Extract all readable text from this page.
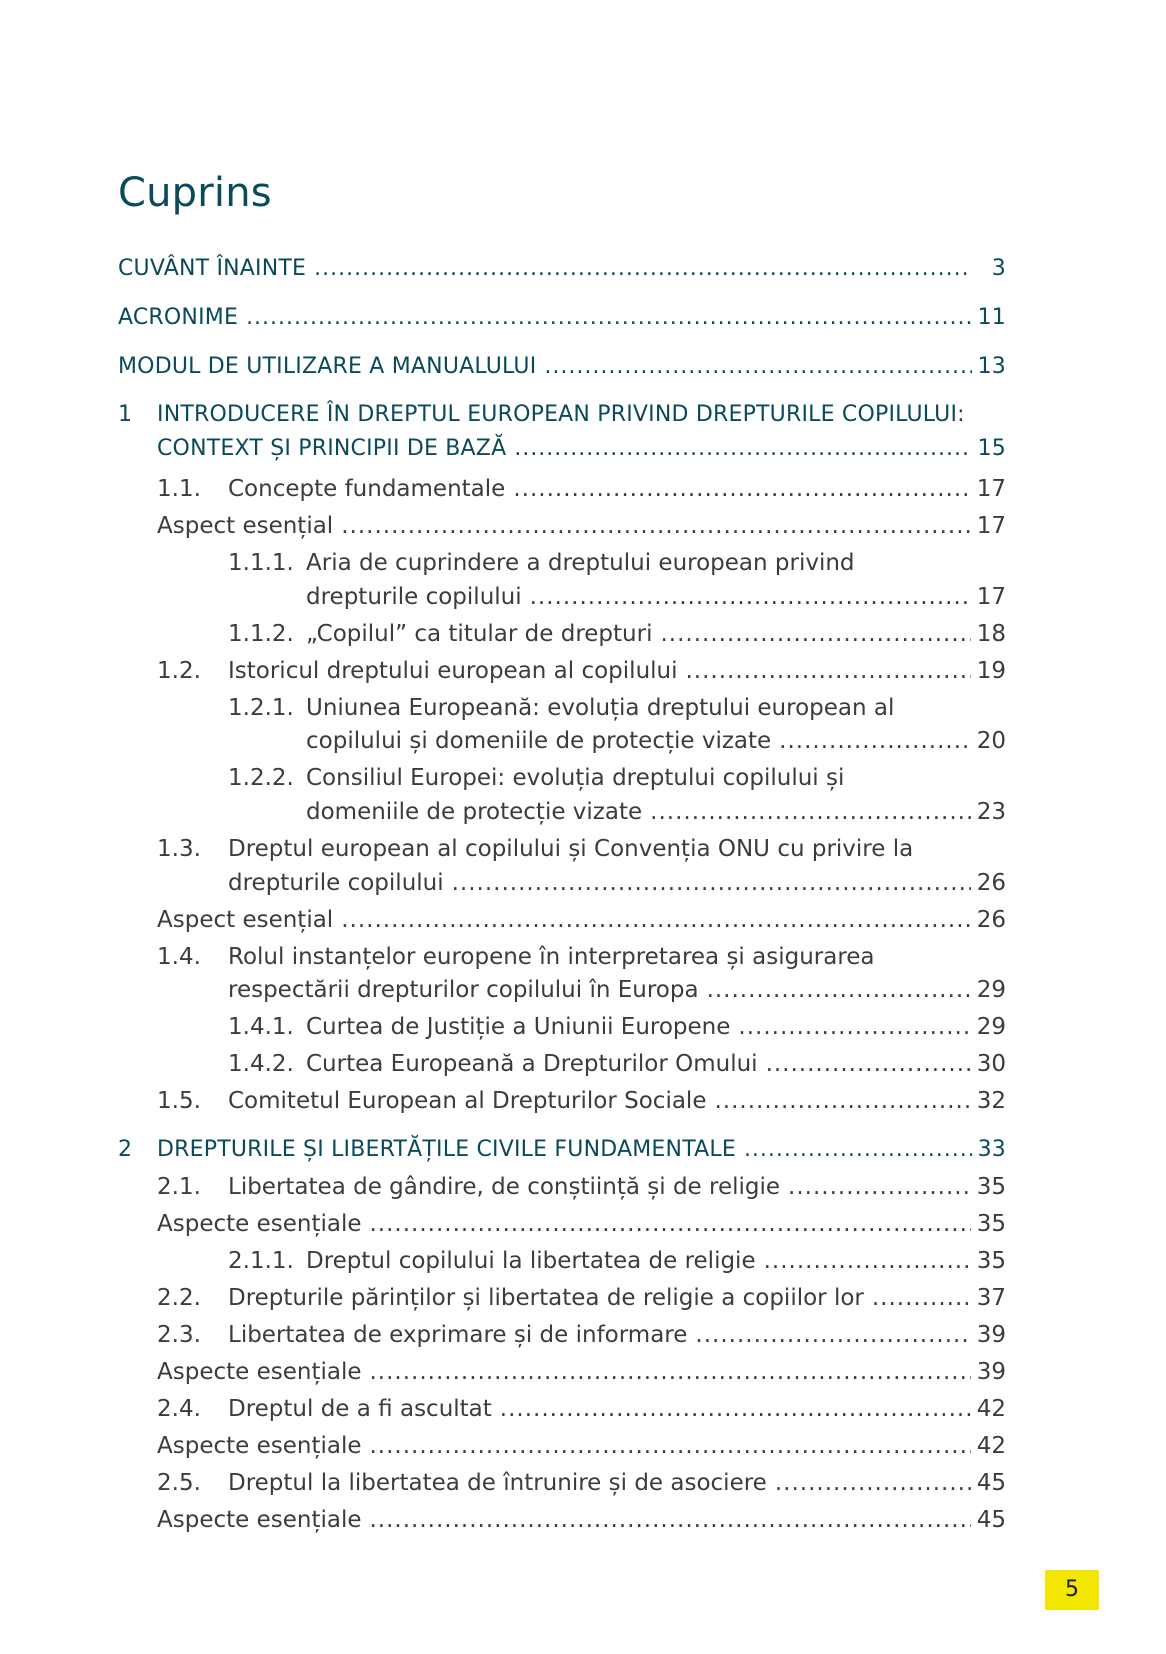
Cuprins
CUVÂNT ÎNAINTE .....	3
ACRONIME .....	11
MODUL DE UTILIZARE A MANUALULUI .....	13
1 INTRODUCERE ÎN DREPTUL EUROPEAN PRIVIND DREPTURILE COPILULUI:
CONTEXT ȘI PRINCIPII DE BAZĂ .....	15
1.1. Concepte fundamentale .....	17
Aspect esențial .....	17
1.1.1. Aria de cuprindere a dreptului european privind
drepturile copilului .....	17
1.1.2. „Copilul” ca titular de drepturi .....	18
1.2. Istoricul dreptului european al copilului .....	19
1.2.1. Uniunea Europeană: evoluția dreptului european al
copilului și domeniile de protecție vizate .....	20
1.2.2. Consiliul Europei: evoluția dreptului copilului și
domeniile de protecție vizate .....	23
1.3. Dreptul european al copilului și Convenția ONU cu privire la
drepturile copilului .....	26
Aspect esențial .....	26
1.4. Rolul instanțelor europene în interpretarea și asigurarea
respectării drepturilor copilului în Europa .....	29
1.4.1. Curtea de Justiție a Uniunii Europene .....	29
1.4.2. Curtea Europeană a Drepturilor Omului .....	30
1.5. Comitetul European al Drepturilor Sociale .....	32
2 DREPTURILE ȘI LIBERTĂȚILE CIVILE FUNDAMENTALE .....	33
2.1. Libertatea de gândire, de conștiință și de religie .....	35
Aspecte esențiale .....	35
2.1.1. Dreptul copilului la libertatea de religie .....	35
2.2. Drepturile părinților și libertatea de religie a copiilor lor .....	37
2.3. Libertatea de exprimare și de informare .....	39
Aspecte esențiale .....	39
2.4. Dreptul de a fi ascultat .....	42
Aspecte esențiale .....	42
2.5. Dreptul la libertatea de întrunire și de asociere .....	45
Aspecte esențiale .....	45
5
